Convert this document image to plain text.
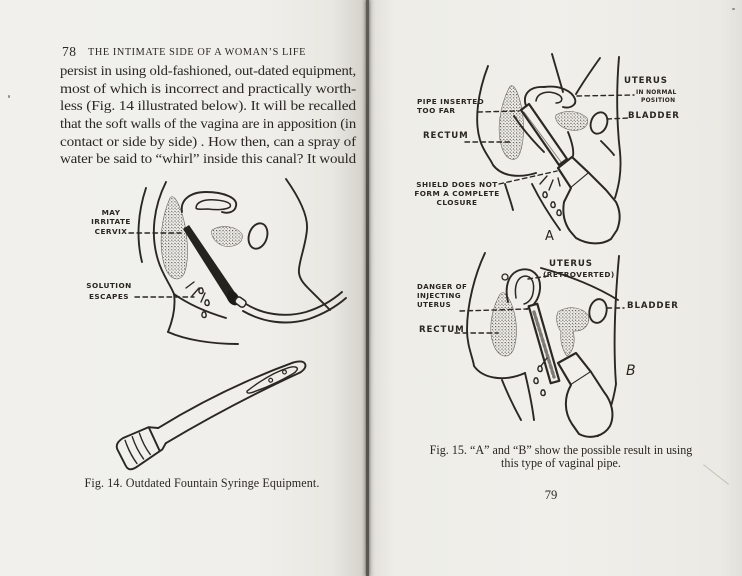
78 THE INTIMATE SIDE OF A WOMAN’S LIFE
persist in using old-fashioned, out-dated equipment,
most of which is incorrect and practically worth-
less (Fig. 14 illustrated below). It will be recalled
that the soft walls of the vagina are in apposition (in
contact or side by side) . How then, can a spray of
water be said to “whirl” inside this canal? It would
MAY
IRRITATE
CERVIX
SOLUTION
ESCAPES
Fig. 14. Outdated Fountain Syringe Equipment.
PIPE INSERTED
TOO FAR
RECTUM
UTERUS
IN NORMAL
POSITION
BLADDER
SHIELD DOES NOT
FORM A COMPLETE
CLOSURE
A
UTERUS
(RETROVERTED)
DANGER OF
INJECTING
UTERUS
RECTUM
BLADDER
B
Fig. 15. “A” and “B” show the possible result in using
this type of vaginal pipe.
79
